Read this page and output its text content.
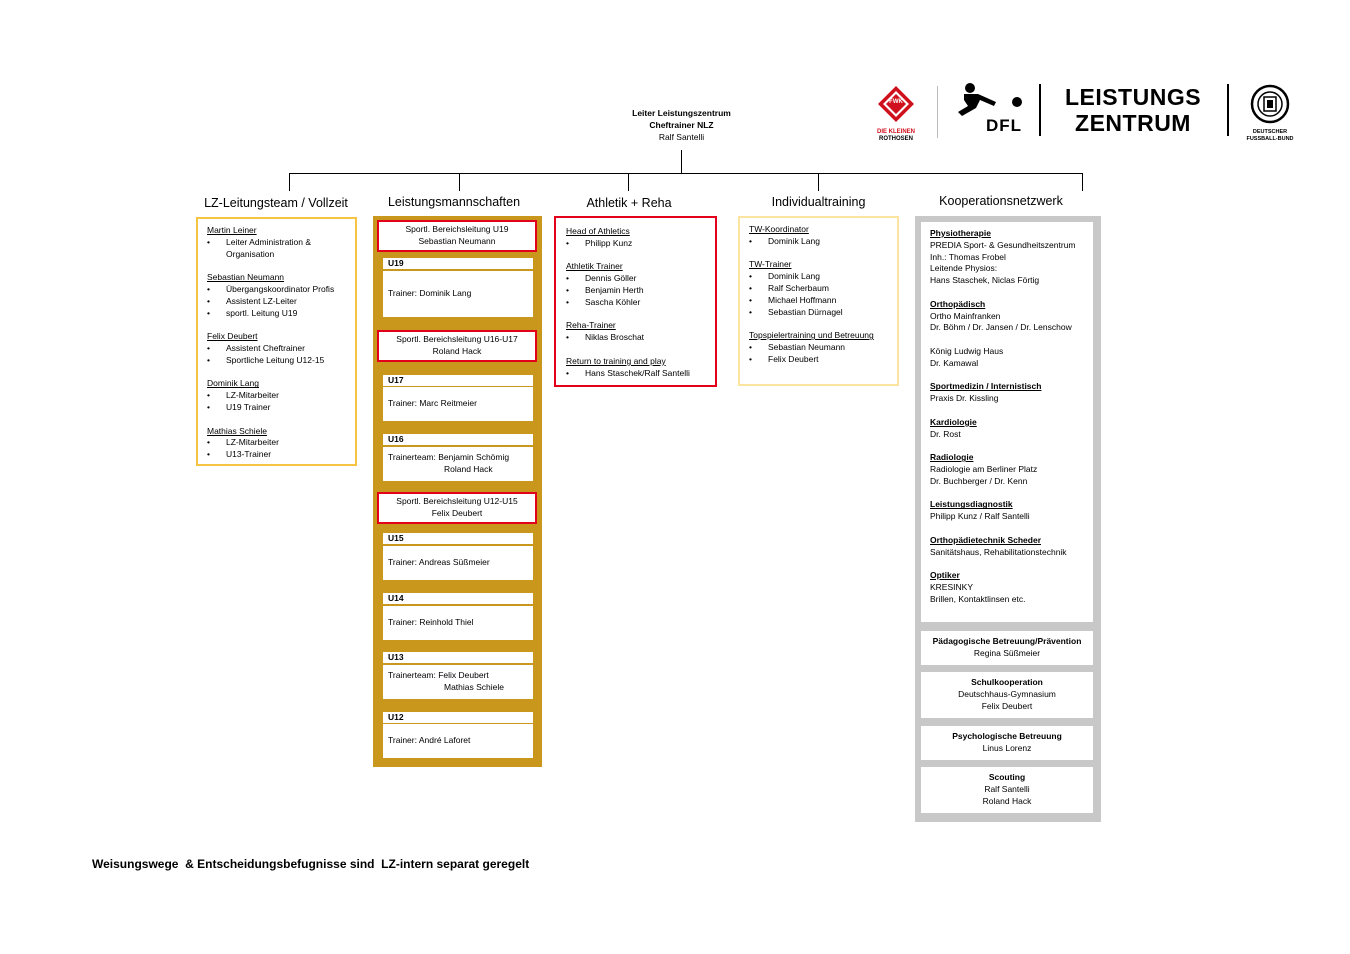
Leiter Leistungszentrum
Cheftrainer NLZ
Ralf Santelli
FWK
DIE KLEINEN
ROTHOSEN
DFL
LEISTUNGS
ZENTRUM	DEUTSCHER
FUSSBALL-BUND
LZ-Leitungsteam / Vollzeit	Leistungsmannschaften	Athletik + Reha	Individualtraining	Kooperationsnetzwerk
Martin Leiner
• Leiter Administration &
Organisation
Sebastian Neumann
• Übergangskoordinator Profis
• Assistent LZ-Leiter
• sportl. Leitung U19
Felix Deubert
• Assistent Cheftrainer
• Sportliche Leitung U12-15
Dominik Lang
• LZ-Mitarbeiter
• U19 Trainer
Mathias Schiele
• LZ-Mitarbeiter
• U13-Trainer
Sportl. Bereichsleitung U19
Sebastian Neumann
U19
Trainer: Dominik Lang
Sportl. Bereichsleitung U16-U17
Roland Hack
U17
Trainer: Marc Reitmeier
U16
Trainerteam: Benjamin Schömig
Roland Hack
Sportl. Bereichsleitung U12-U15
Felix Deubert
U15
Trainer: Andreas Süßmeier
U14
Trainer: Reinhold Thiel
U13
Trainerteam: Felix Deubert
Mathias Schiele
U12
Trainer: André Laforet
Head of Athletics
• Philipp Kunz
Athletik Trainer
• Dennis Göller
• Benjamin Herth
• Sascha Köhler
Reha-Trainer
• Niklas Broschat
Return to training and play
• Hans Staschek/Ralf Santelli
TW-Koordinator
• Dominik Lang
TW-Trainer
• Dominik Lang
• Ralf Scherbaum
• Michael Hoffmann
• Sebastian Dürnagel
Topspielertraining und Betreuung
• Sebastian Neumann
• Felix Deubert
Physiotherapie
PREDIA Sport- & Gesundheitszentrum
Inh.: Thomas Frobel
Leitende Physios:
Hans Staschek, Niclas Förtig
Orthopädisch
Ortho Mainfranken
Dr. Böhm / Dr. Jansen / Dr. Lenschow
König Ludwig Haus
Dr. Kamawal
Sportmedizin / Internistisch
Praxis Dr. Kissling
Kardiologie
Dr. Rost
Radiologie
Radiologie am Berliner Platz
Dr. Buchberger / Dr. Kenn
Leistungsdiagnostik
Philipp Kunz / Ralf Santelli
Orthopädietechnik Scheder
Sanitätshaus, Rehabilitationstechnik
Optiker
KRESINKY
Brillen, Kontaktlinsen etc.
Pädagogische Betreuung/Prävention
Regina Süßmeier
Schulkooperation
Deutschhaus-Gymnasium
Felix Deubert
Psychologische Betreuung
Linus Lorenz
Scouting
Ralf Santelli
Roland Hack
Weisungswege  & Entscheidungsbefugnisse sind  LZ-intern separat geregelt
